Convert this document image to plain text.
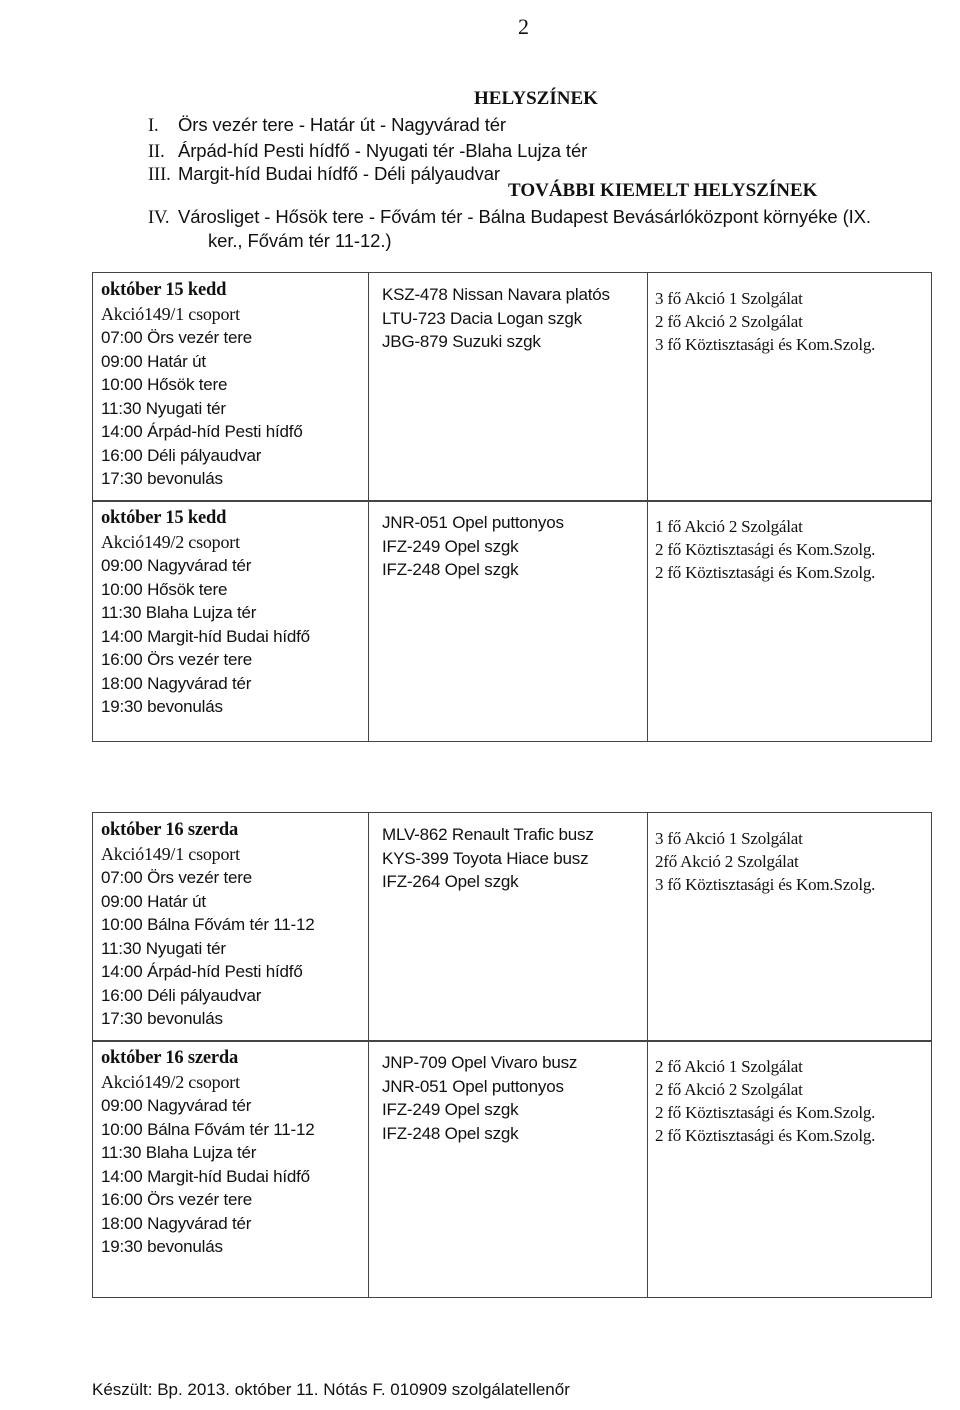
2
HELYSZÍNEK
I. Örs vezér tere - Határ út - Nagyvárad tér
II. Árpád-híd Pesti hídfő - Nyugati tér -Blaha Lujza tér
III. Margit-híd Budai hídfő - Déli pályaudvar
TOVÁBBI KIEMELT HELYSZÍNEK
IV. Városliget - Hősök tere - Fővám tér - Bálna Budapest Bevásárlóközpont környéke (IX.
ker., Fővám tér 11-12.)
október 15 kedd
Akció149/1 csoport
07:00 Örs vezér tere
09:00 Határ út
10:00 Hősök tere
11:30 Nyugati tér
14:00 Árpád-híd Pesti hídfő
16:00 Déli pályaudvar
17:30 bevonulás
KSZ-478 Nissan Navara platós
LTU-723 Dacia Logan szgk
JBG-879 Suzuki szgk
3 fő Akció 1 Szolgálat
2 fő Akció 2 Szolgálat
3 fő Köztisztasági és Kom.Szolg.
október 15 kedd
Akció149/2 csoport
09:00 Nagyvárad tér
10:00 Hősök tere
11:30 Blaha Lujza tér
14:00 Margit-híd Budai hídfő
16:00 Örs vezér tere
18:00 Nagyvárad tér
19:30 bevonulás
JNR-051 Opel puttonyos
IFZ-249 Opel szgk
IFZ-248 Opel szgk
1 fő Akció 2 Szolgálat
2 fő Köztisztasági és Kom.Szolg.
2 fő Köztisztasági és Kom.Szolg.
október 16 szerda
Akció149/1 csoport
07:00 Örs vezér tere
09:00 Határ út
10:00 Bálna Fővám tér 11-12
11:30 Nyugati tér
14:00 Árpád-híd Pesti hídfő
16:00 Déli pályaudvar
17:30 bevonulás
MLV-862 Renault Trafic busz
KYS-399 Toyota Hiace busz
IFZ-264 Opel szgk
3 fő Akció 1 Szolgálat
2fő Akció 2 Szolgálat
3 fő Köztisztasági és Kom.Szolg.
október 16 szerda
Akció149/2 csoport
09:00 Nagyvárad tér
10:00 Bálna Fővám tér 11-12
11:30 Blaha Lujza tér
14:00 Margit-híd Budai hídfő
16:00 Örs vezér tere
18:00 Nagyvárad tér
19:30 bevonulás
JNP-709 Opel Vivaro busz
JNR-051 Opel puttonyos
IFZ-249 Opel szgk
IFZ-248 Opel szgk
2 fő Akció 1 Szolgálat
2 fő Akció 2 Szolgálat
2 fő Köztisztasági és Kom.Szolg.
2 fő Köztisztasági és Kom.Szolg.
Készült: Bp. 2013. október 11. Nótás F. 010909 szolgálatellenőr
